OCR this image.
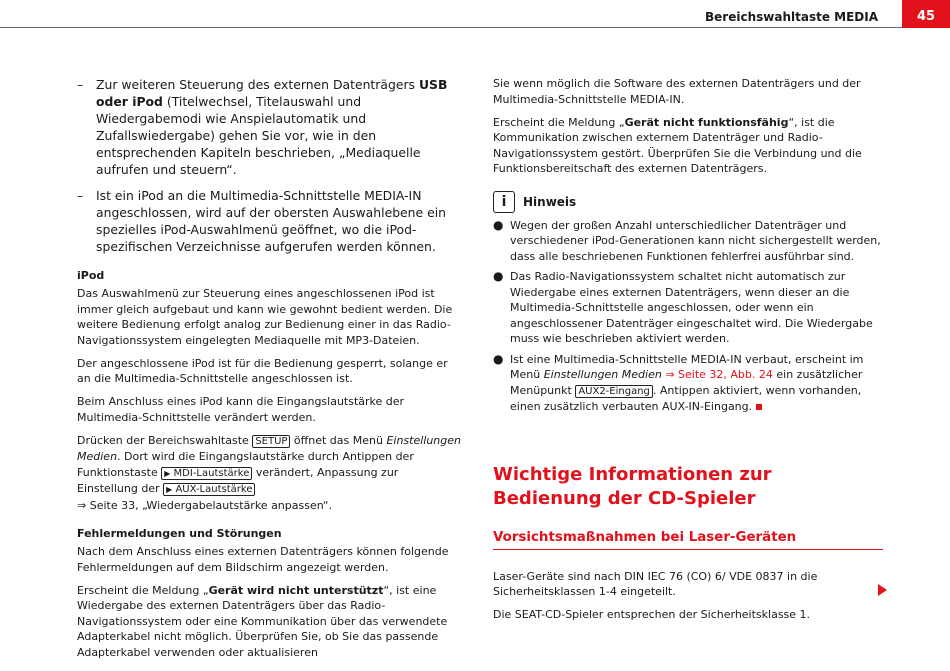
Bereichswahltaste MEDIA	45
–	Zur weiteren Steuerung des externen Datenträgers USB oder iPod (Titelwechsel, Titelauswahl und Wiedergabemodi wie Anspielautomatik und Zufallswiedergabe) gehen Sie vor, wie in den entsprechenden Kapiteln beschrieben, „Mediaquelle aufrufen und steuern“.
–	Ist ein iPod an die Multimedia-Schnittstelle MEDIA-IN angeschlossen, wird auf der obersten Auswahlebene ein spezielles iPod-Auswahlmenü geöffnet, wo die iPod-spezifischen Verzeichnisse aufgerufen werden können.
iPod

Das Auswahlmenü zur Steuerung eines angeschlossenen iPod ist immer gleich aufgebaut und kann wie gewohnt bedient werden. Die weitere Bedienung erfolgt analog zur Bedienung einer in das Radio-Navigationssystem eingelegten Mediaquelle mit MP3-Dateien.

Der angeschlossene iPod ist für die Bedienung gesperrt, solange er an die Multimedia-Schnittstelle angeschlossen ist.

Beim Anschluss eines iPod kann die Eingangslautstärke der Multimedia-Schnittstelle verändert werden.

Drücken der Bereichswahltaste SETUP öffnet das Menü Einstellungen Medien. Dort wird die Eingangslautstärke durch Antippen der Funktionstaste ▶ MDI-Lautstärke verändert, Anpassung zur Einstellung der ▶ AUX-Lautstärke
⇒ Seite 33, „Wiedergabelautstärke anpassen“.

Fehlermeldungen und Störungen

Nach dem Anschluss eines externen Datenträgers können folgende Fehlermeldungen auf dem Bildschirm angezeigt werden.

Erscheint die Meldung „Gerät wird nicht unterstützt“, ist eine Wiedergabe des externen Datenträgers über das Radio-Navigationssystem oder eine Kommunikation über das verwendete Adapterkabel nicht möglich. Überprüfen Sie, ob Sie das passende Adapterkabel verwenden oder aktualisieren

Sie wenn möglich die Software des externen Datenträgers und der Multimedia-Schnittstelle MEDIA-IN.

Erscheint die Meldung „Gerät nicht funktionsfähig“, ist die Kommunikation zwischen externem Datenträger und Radio-Navigationssystem gestört. Überprüfen Sie die Verbindung und die Funktionsbereitschaft des externen Datenträgers.

i	Hinweis
● Wegen der großen Anzahl unterschiedlicher Datenträger und verschiedener iPod-Generationen kann nicht sichergestellt werden, dass alle beschriebenen Funktionen fehlerfrei ausführbar sind.
● Das Radio-Navigationssystem schaltet nicht automatisch zur Wiedergabe eines externen Datenträgers, wenn dieser an die Multimedia-Schnittstelle angeschlossen, oder wenn ein angeschlossener Datenträger eingeschaltet wird. Die Wiedergabe muss wie beschrieben aktiviert werden.
● Ist eine Multimedia-Schnittstelle MEDIA-IN verbaut, erscheint im Menü Einstellungen Medien ⇒ Seite 32, Abb. 24 ein zusätzlicher Menüpunkt AUX2-Eingang . Antippen aktiviert, wenn vorhanden, einen zusätzlich verbauten AUX-IN-Eingang.
Wichtige Informationen zur Bedienung der CD-Spieler
Vorsichtsmaßnahmen bei Laser-Geräten

Laser-Geräte sind nach DIN IEC 76 (CO) 6/ VDE 0837 in die Sicherheitsklassen 1-4 eingeteilt.

Die SEAT-CD-Spieler entsprechen der Sicherheitsklasse 1.
